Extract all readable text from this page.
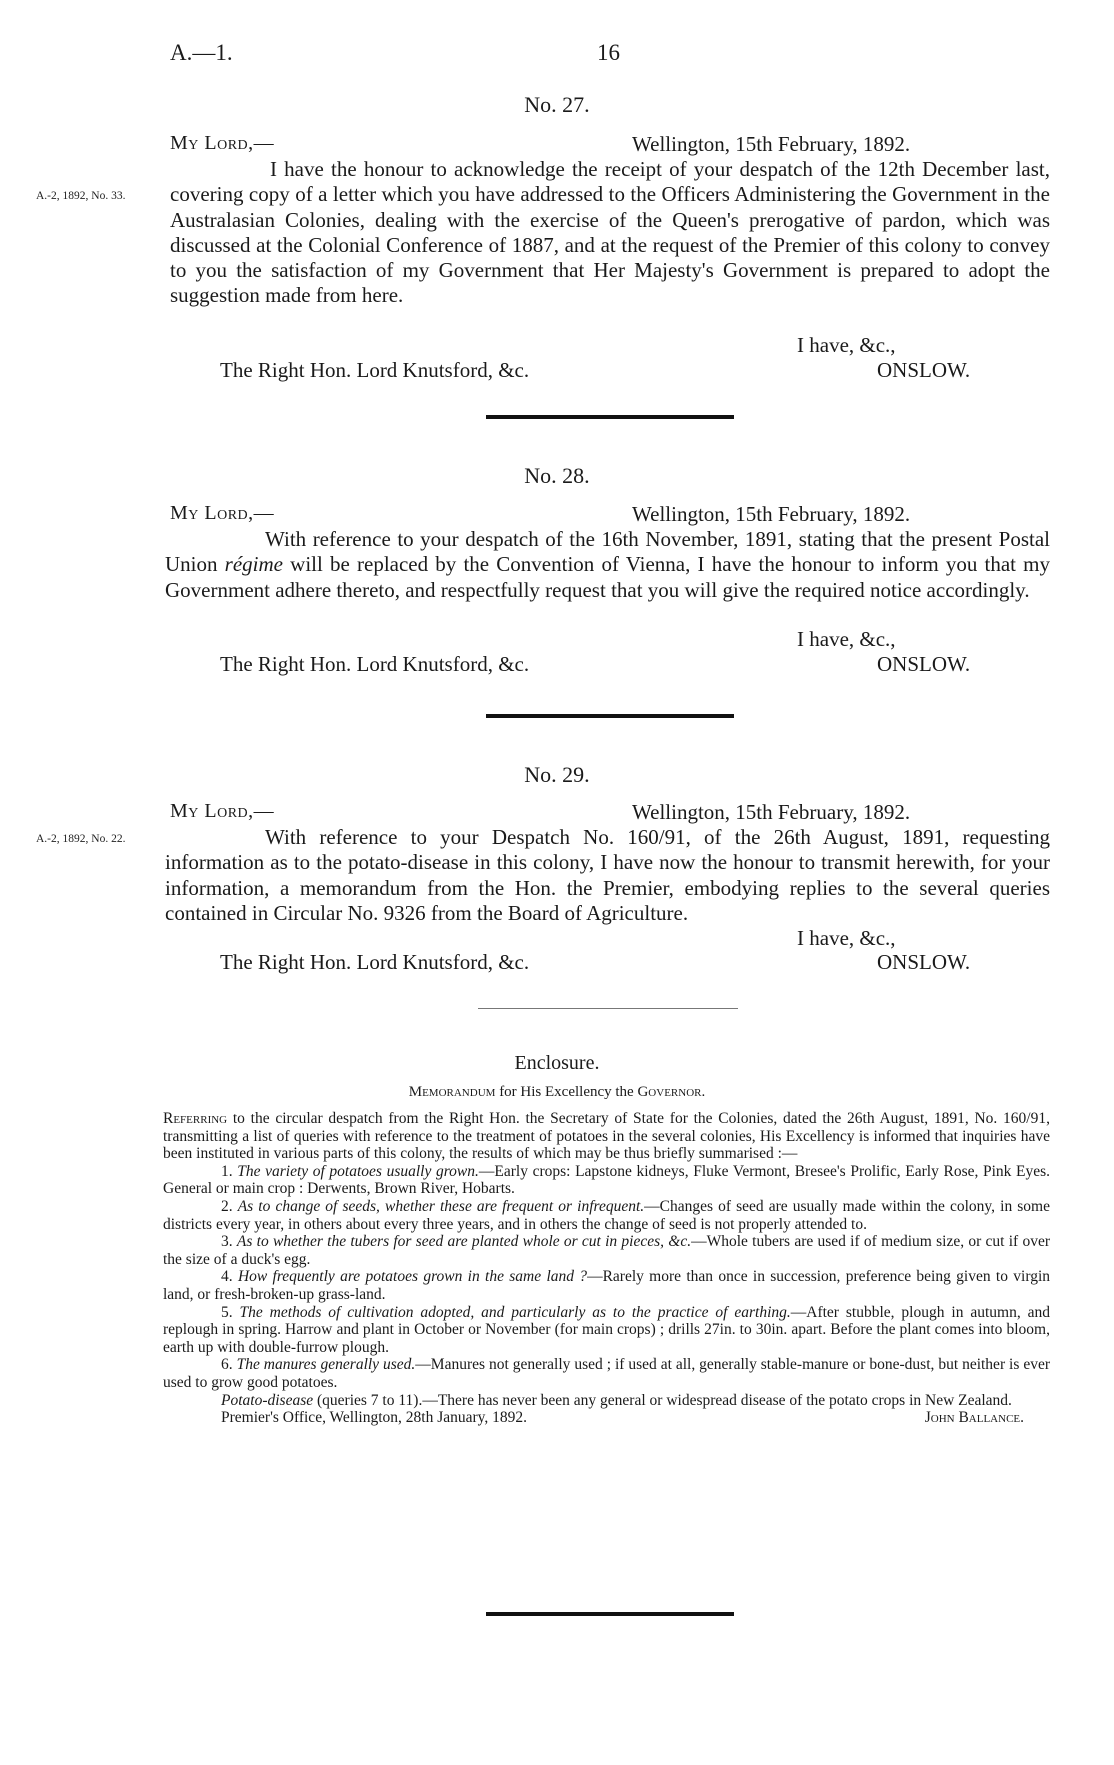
A.—1.	16
No. 27.
My Lord,—	Wellington, 15th February, 1892.
A.-2, 1892, No. 33.

I have the honour to acknowledge the receipt of your despatch of the 12th December last, covering copy of a letter which you have addressed to the Officers Administering the Government in the Australasian Colonies, dealing with the exercise of the Queen's prerogative of pardon, which was discussed at the Colonial Conference of 1887, and at the request of the Premier of this colony to convey to you the satisfaction of my Government that Her Majesty's Government is prepared to adopt the suggestion made from here.

I have, &c.,
The Right Hon. Lord Knutsford, &c.	ONSLOW.
No. 28.
My Lord,—	Wellington, 15th February, 1892.

With reference to your despatch of the 16th November, 1891, stating that the present Postal Union régime will be replaced by the Convention of Vienna, I have the honour to inform you that my Government adhere thereto, and respectfully request that you will give the required notice accordingly.

I have, &c.,
The Right Hon. Lord Knutsford, &c.	ONSLOW.
No. 29.
My Lord,—	Wellington, 15th February, 1892.
A.-2, 1892, No. 22.	With reference to your Despatch No. 160/91, of the 26th August, 1891, requesting information as to the potato-disease in this colony, I have now the honour to transmit herewith, for your information, a memorandum from the Hon. the Premier, embodying replies to the several queries contained in Circular No. 9326 from the Board of Agriculture.

I have, &c.,
The Right Hon. Lord Knutsford, &c.	ONSLOW.
Enclosure.
Memorandum for His Excellency the Governor.

Referring to the circular despatch from the Right Hon. the Secretary of State for the Colonies, dated the 26th August, 1891, No. 160/91, transmitting a list of queries with reference to the treatment of potatoes in the several colonies, His Excellency is informed that inquiries have been instituted in various parts of this colony, the results of which may be thus briefly summarised :—

1. The variety of potatoes usually grown.—Early crops: Lapstone kidneys, Fluke Vermont, Bresee's Prolific, Early Rose, Pink Eyes. General or main crop : Derwents, Brown River, Hobarts.

2. As to change of seeds, whether these are frequent or infrequent.—Changes of seed are usually made within the colony, in some districts every year, in others about every three years, and in others the change of seed is not properly attended to.

3. As to whether the tubers for seed are planted whole or cut in pieces, &c.—Whole tubers are used if of medium size, or cut if over the size of a duck's egg.

4. How frequently are potatoes grown in the same land ?—Rarely more than once in succession, preference being given to virgin land, or fresh-broken-up grass-land.

5. The methods of cultivation adopted, and particularly as to the practice of earthing.—After stubble, plough in autumn, and replough in spring. Harrow and plant in October or November (for main crops) ; drills 27in. to 30in. apart. Before the plant comes into bloom, earth up with double-furrow plough.

6. The manures generally used.—Manures not generally used ; if used at all, generally stable-manure or bone-dust, but neither is ever used to grow good potatoes.

Potato-disease (queries 7 to 11).—There has never been any general or widespread disease of the potato crops in New Zealand.

Premier's Office, Wellington, 28th January, 1892.	John Ballance.
